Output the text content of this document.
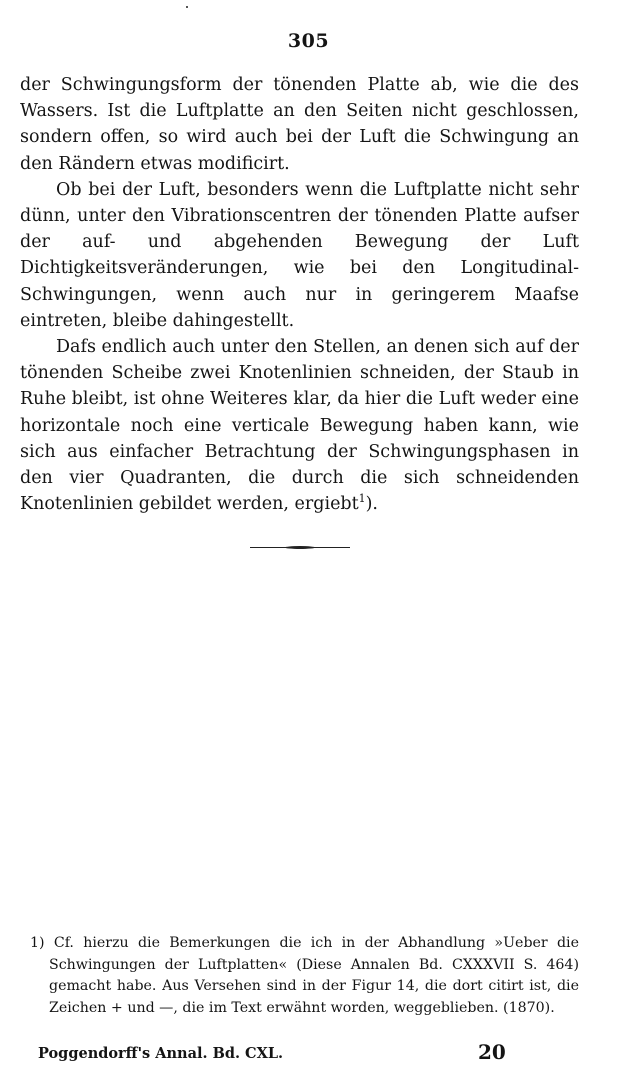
305

der Schwingungsform der tönenden Platte ab, wie die des Wassers. Ist die Luftplatte an den Seiten nicht geschlossen, sondern offen, so wird auch bei der Luft die Schwingung an den Rändern etwas modificirt.

Ob bei der Luft, besonders wenn die Luftplatte nicht sehr dünn, unter den Vibrationscentren der tönenden Platte aufser der auf- und abgehenden Bewegung der Luft Dichtigkeitsveränderungen, wie bei den Longitudinal-Schwingungen, wenn auch nur in geringerem Maafse eintreten, bleibe dahingestellt.

Dafs endlich auch unter den Stellen, an denen sich auf der tönenden Scheibe zwei Knotenlinien schneiden, der Staub in Ruhe bleibt, ist ohne Weiteres klar, da hier die Luft weder eine horizontale noch eine verticale Bewegung haben kann, wie sich aus einfacher Betrachtung der Schwingungsphasen in den vier Quadranten, die durch die sich schneidenden Knotenlinien gebildet werden, ergiebt$^1$).

1) Cf. hierzu die Bemerkungen die ich in der Abhandlung »Ueber die Schwingungen der Luftplatten« (Diese Annalen Bd. CXXXVII S. 464) gemacht habe. Aus Versehen sind in der Figur 14, die dort citirt ist, die Zeichen + und —, die im Text erwähnt worden, weggeblieben. (1870).

Poggendorff's Annal. Bd. CXL.	20
